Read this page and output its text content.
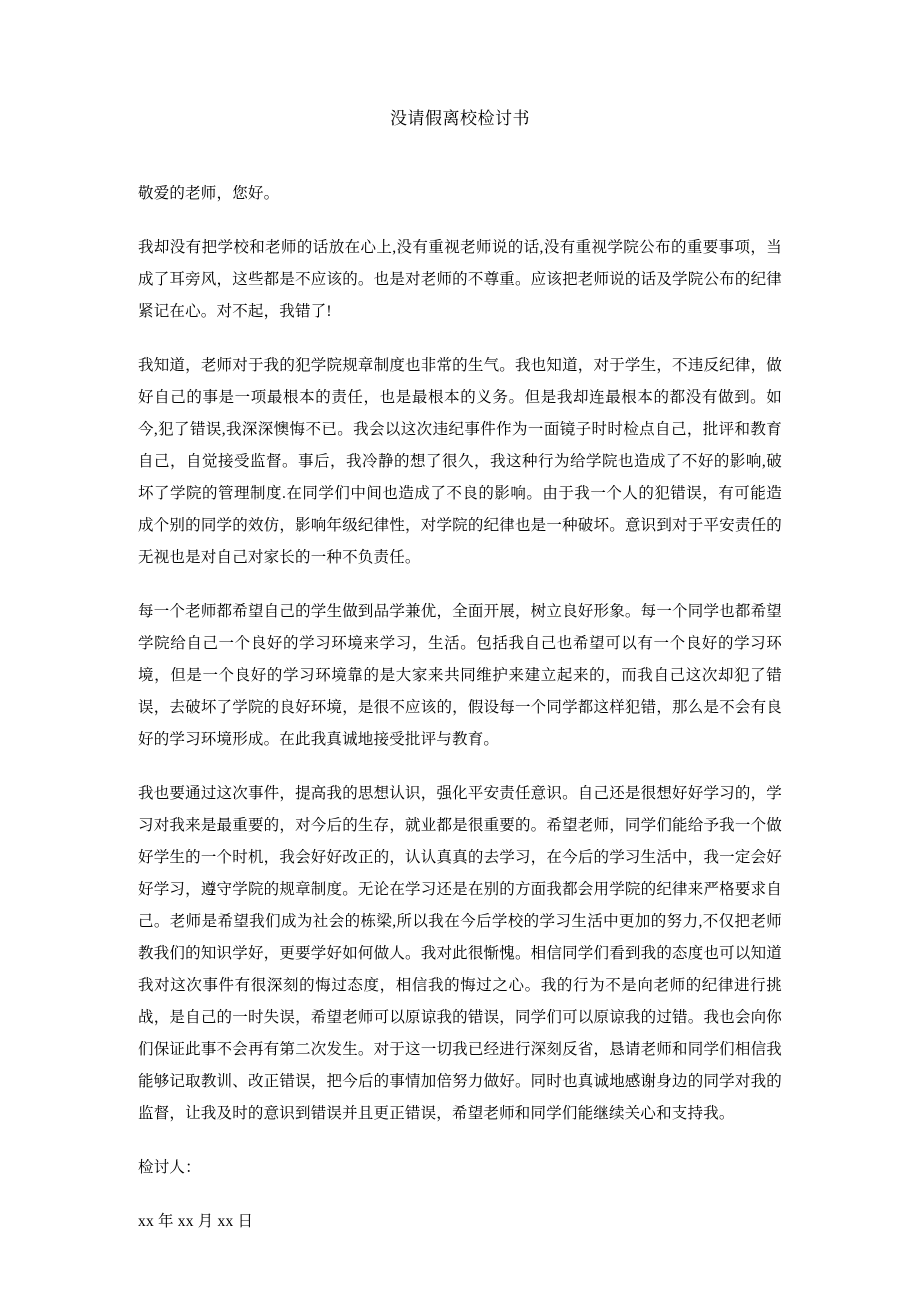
没请假离校检讨书

敬爱的老师，您好。

我却没有把学校和老师的话放在心上,没有重视老师说的话,没有重视学院公布的重要事项，当成了耳旁风，这些都是不应该的。也是对老师的不尊重。应该把老师说的话及学院公布的纪律紧记在心。对不起，我错了!

我知道，老师对于我的犯学院规章制度也非常的生气。我也知道，对于学生，不违反纪律，做好自己的事是一项最根本的责任，也是最根本的义务。但是我却连最根本的都没有做到。如今,犯了错误,我深深懊悔不已。我会以这次违纪事件作为一面镜子时时检点自己，批评和教育自己，自觉接受监督。事后，我冷静的想了很久，我这种行为给学院也造成了不好的影响,破坏了学院的管理制度.在同学们中间也造成了不良的影响。由于我一个人的犯错误，有可能造成个别的同学的效仿，影响年级纪律性，对学院的纪律也是一种破坏。意识到对于平安责任的无视也是对自己对家长的一种不负责任。

每一个老师都希望自己的学生做到品学兼优，全面开展，树立良好形象。每一个同学也都希望学院给自己一个良好的学习环境来学习，生活。包括我自己也希望可以有一个良好的学习环境，但是一个良好的学习环境靠的是大家来共同维护来建立起来的，而我自己这次却犯了错误，去破坏了学院的良好环境，是很不应该的，假设每一个同学都这样犯错，那么是不会有良好的学习环境形成。在此我真诚地接受批评与教育。

我也要通过这次事件，提高我的思想认识，强化平安责任意识。自己还是很想好好学习的，学习对我来是最重要的，对今后的生存，就业都是很重要的。希望老师，同学们能给予我一个做好学生的一个时机，我会好好改正的，认认真真的去学习，在今后的学习生活中，我一定会好好学习，遵守学院的规章制度。无论在学习还是在别的方面我都会用学院的纪律来严格要求自己。老师是希望我们成为社会的栋梁,所以我在今后学校的学习生活中更加的努力,不仅把老师教我们的知识学好，更要学好如何做人。我对此很惭愧。相信同学们看到我的态度也可以知道我对这次事件有很深刻的悔过态度，相信我的悔过之心。我的行为不是向老师的纪律进行挑战，是自己的一时失误，希望老师可以原谅我的错误，同学们可以原谅我的过错。我也会向你们保证此事不会再有第二次发生。对于这一切我已经进行深刻反省，恳请老师和同学们相信我能够记取教训、改正错误，把今后的事情加倍努力做好。同时也真诚地感谢身边的同学对我的监督，让我及时的意识到错误并且更正错误，希望老师和同学们能继续关心和支持我。

检讨人：

xx 年 xx 月 xx 日
